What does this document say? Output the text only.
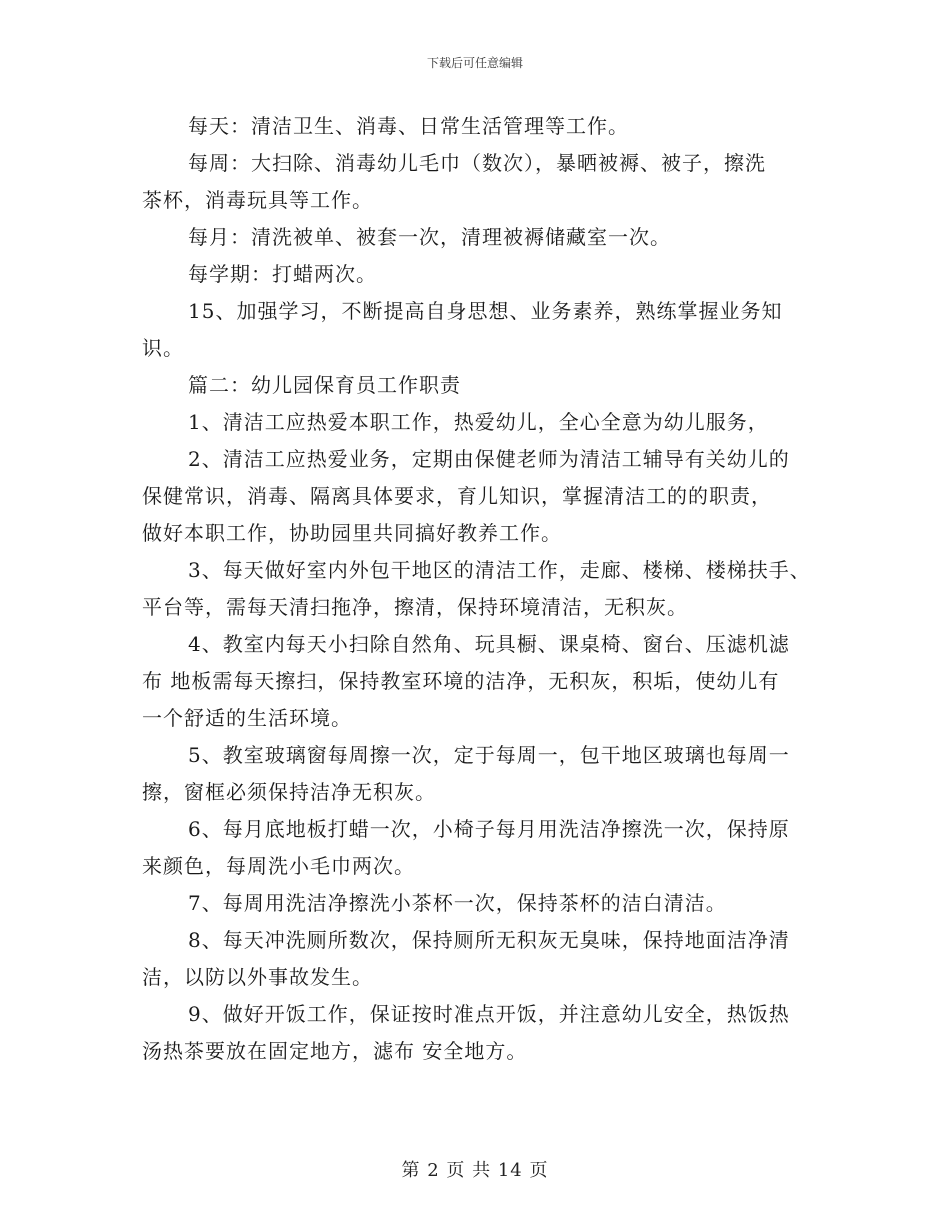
下载后可任意编辑
每天：清洁卫生、消毒、日常生活管理等工作。
每周：大扫除、消毒幼儿毛巾（数次），暴晒被褥、被子，擦洗
茶杯，消毒玩具等工作。
每月：清洗被单、被套一次，清理被褥储藏室一次。
每学期：打蜡两次。
15、加强学习，不断提高自身思想、业务素养，熟练掌握业务知
识。
篇二：幼儿园保育员工作职责
1、清洁工应热爱本职工作，热爱幼儿，全心全意为幼儿服务，
2、清洁工应热爱业务，定期由保健老师为清洁工辅导有关幼儿的
保健常识，消毒、隔离具体要求，育儿知识，掌握清洁工的的职责，
做好本职工作，协助园里共同搞好教养工作。
3、每天做好室内外包干地区的清洁工作，走廊、楼梯、楼梯扶手、
平台等，需每天清扫拖净，擦清，保持环境清洁，无积灰。
4、教室内每天小扫除自然角、玩具橱、课桌椅、窗台、压滤机滤
布 地板需每天擦扫，保持教室环境的洁净，无积灰，积垢，使幼儿有
一个舒适的生活环境。
5、教室玻璃窗每周擦一次，定于每周一，包干地区玻璃也每周一
擦，窗框必须保持洁净无积灰。
6、每月底地板打蜡一次，小椅子每月用洗洁净擦洗一次，保持原
来颜色，每周洗小毛巾两次。
7、每周用洗洁净擦洗小茶杯一次，保持茶杯的洁白清洁。
8、每天冲洗厕所数次，保持厕所无积灰无臭味，保持地面洁净清
洁，以防以外事故发生。
9、做好开饭工作，保证按时准点开饭，并注意幼儿安全，热饭热
汤热茶要放在固定地方，滤布 安全地方。
第 2 页 共 14 页
